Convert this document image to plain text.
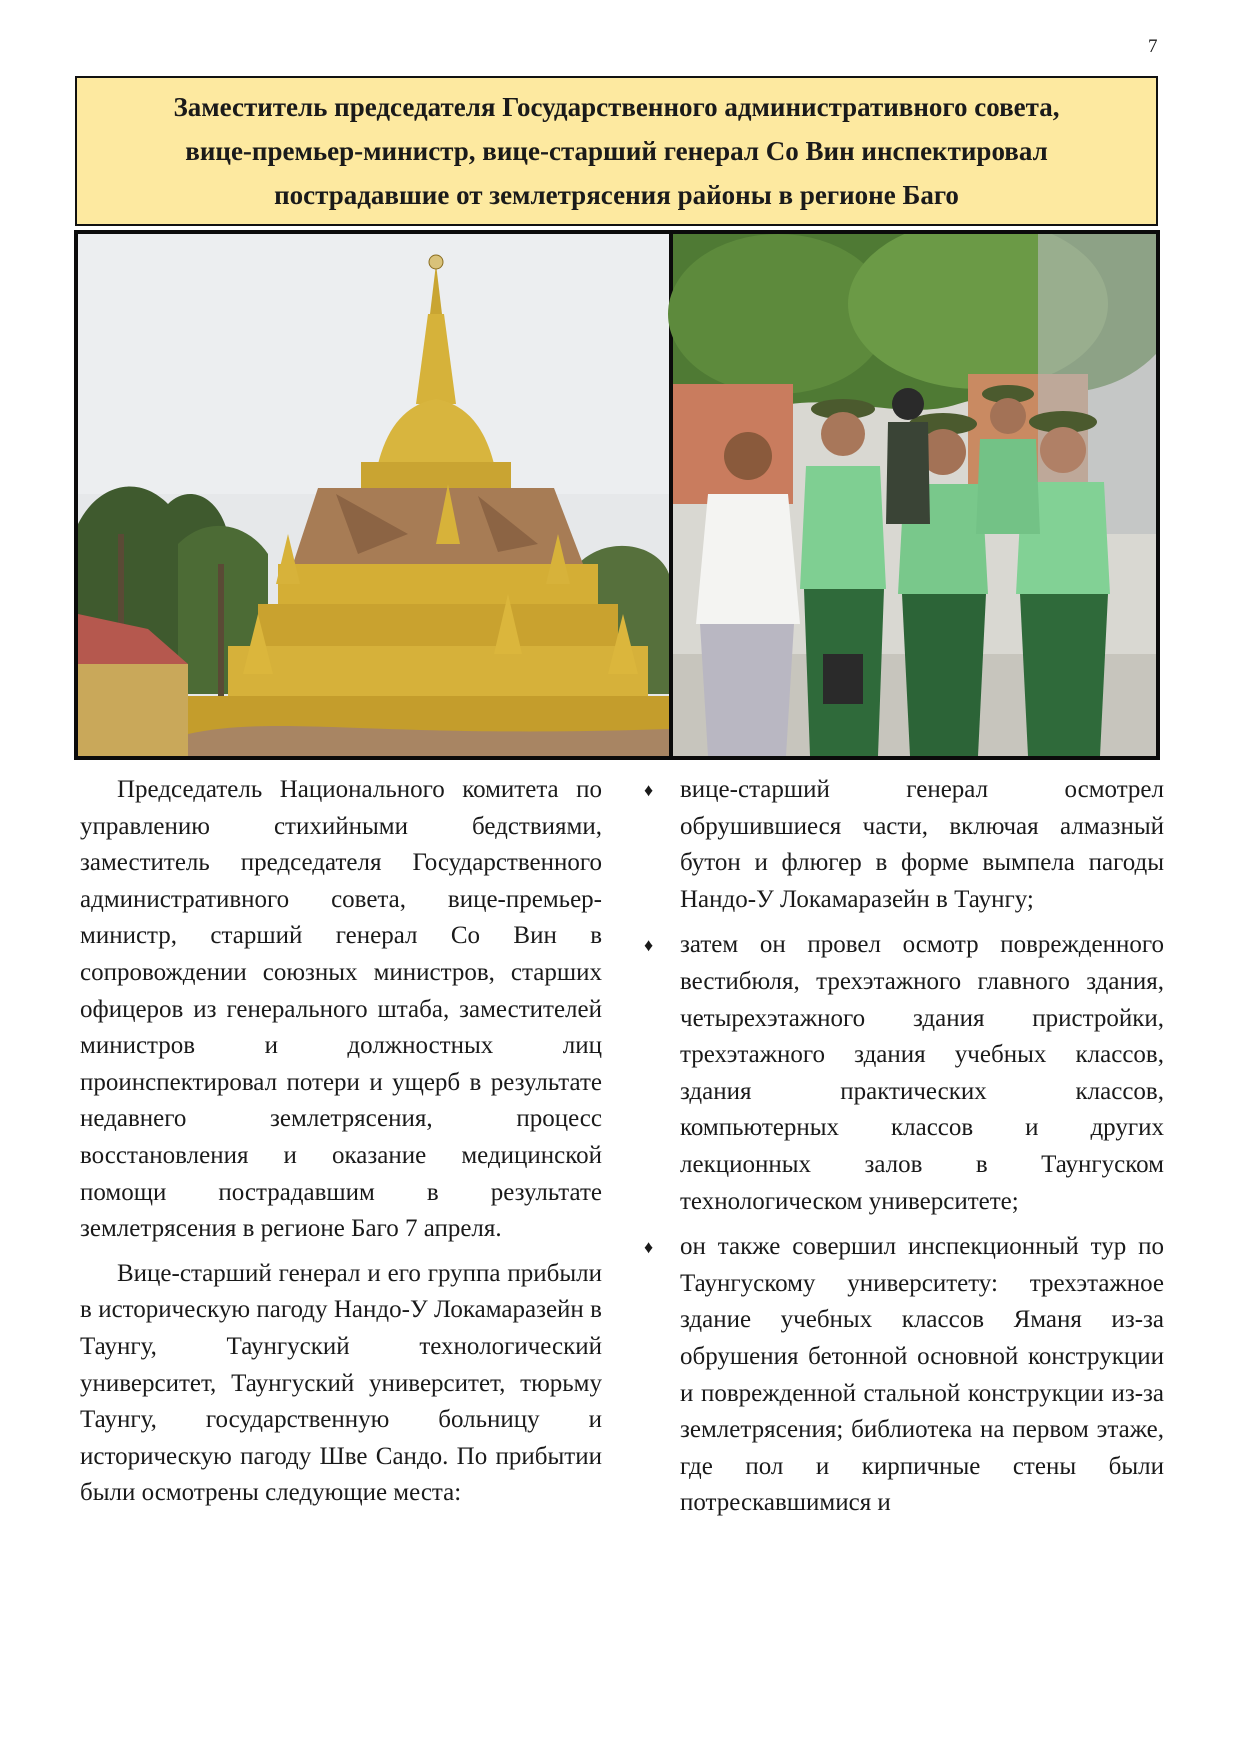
7
Заместитель председателя Государственного административного совета,
вице-премьер-министр, вице-старший генерал Со Вин инспектировал
пострадавшие от землетрясения районы в регионе Баго

Председатель Национального комитета по управлению стихийными бедствиями, заместитель председателя Государственного административного совета, вице-премьер-министр, старший генерал Со Вин в сопровождении союзных министров, старших офицеров из генерального штаба, заместителей министров и должностных лиц проинспектировал потери и ущерб в результате недавнего землетрясения, процесс восстановления и оказание медицинской помощи пострадавшим в результате землетрясения в регионе Баго 7 апреля.

Вице-старший генерал и его группа прибыли в историческую пагоду Нандо-У Локамаразейн в Таунгу, Таунгуский технологический университет, Таунгуский университет, тюрьму Таунгу, государственную больницу и историческую пагоду Шве Сандо. По прибытии были осмотрены следующие места:

♦ вице-старший генерал осмотрел обрушившиеся части, включая алмазный бутон и флюгер в форме вымпела пагоды Нандо-У Локамаразейн в Таунгу;
♦ затем он провел осмотр поврежденного вестибюля, трехэтажного главного здания, четырехэтажного здания пристройки, трехэтажного здания учебных классов, здания практических классов, компьютерных классов и других лекционных залов в Таунгуском технологическом университете;
♦ он также совершил инспекционный тур по Таунгускому университету: трехэтажное здание учебных классов Яманя из-за обрушения бетонной основной конструкции и поврежденной стальной конструкции из-за землетрясения; библиотека на первом этаже, где пол и кирпичные стены были потрескавшимися и
